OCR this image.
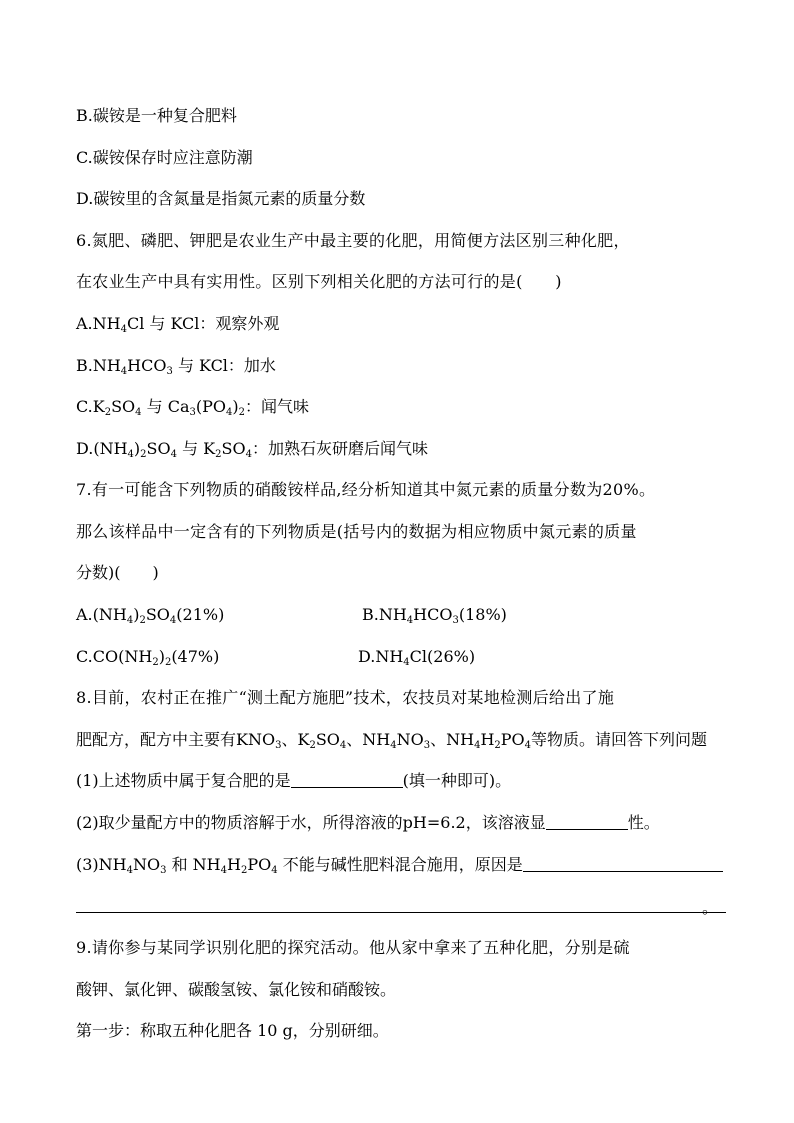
B.碳铵是一种复合肥料
C.碳铵保存时应注意防潮
D.碳铵里的含氮量是指氮元素的质量分数
6.氮肥、磷肥、钾肥是农业生产中最主要的化肥，用简便方法区别三种化肥，
在农业生产中具有实用性。区别下列相关化肥的方法可行的是(　　)
$A.NH_4Cl$ 与 KCl：观察外观
$B.NH_4HCO_3$ 与 KCl：加水
$C.K_2SO_4$ 与 $Ca_3(PO_4)_2$：闻气味
$D.(NH_4)_2SO_4$ 与 $K_2SO_4$：加熟石灰研磨后闻气味
7.有一可能含下列物质的硝酸铵样品,经分析知道其中氮元素的质量分数为20%。
那么该样品中一定含有的下列物质是(括号内的数据为相应物质中氮元素的质量
分数)(　　)
$A.(NH_4)_2SO_4(21\%)$	$B.NH_4HCO_3(18\%)$
$C.CO(NH_2)_2(47\%)$	$D.NH_4Cl(26\%)$
8.目前，农村正在推广“测土配方施肥”技术，农技员对某地检测后给出了施
肥配方，配方中主要有$KNO_3$、$K_2SO_4$、$NH_4NO_3$、$NH_4H_2PO_4$等物质。请回答下列问题
(1)上述物质中属于复合肥的是	(填一种即可)。
(2)取少量配方中的物质溶解于水，所得溶液的pH=6.2，该溶液显	性。
$(3)NH_4NO_3$ 和 $NH_4H_2PO_4$ 不能与碱性肥料混合施用，原因是
。
9.请你参与某同学识别化肥的探究活动。他从家中拿来了五种化肥，分别是硫
酸钾、氯化钾、碳酸氢铵、氯化铵和硝酸铵。
第一步：称取五种化肥各 10 g，分别研细。
